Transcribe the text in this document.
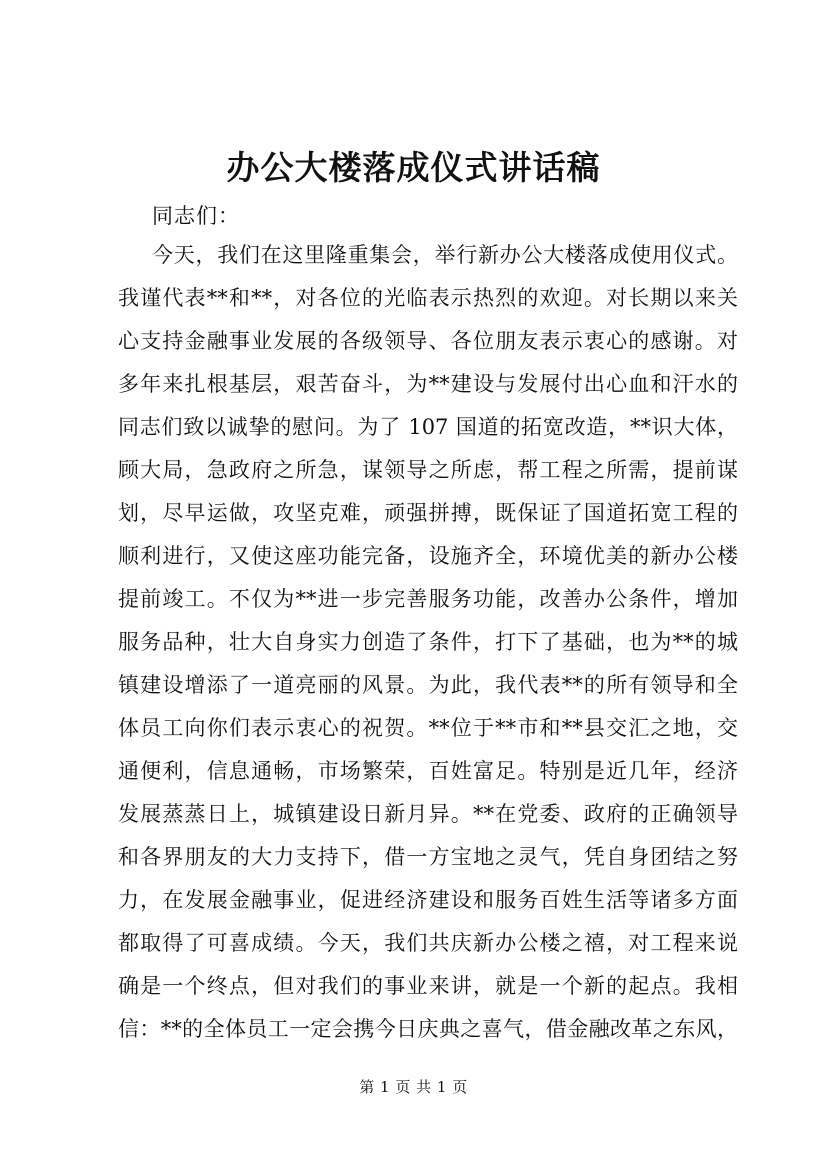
办公大楼落成仪式讲话稿
同志们：
今天，我们在这里隆重集会，举行新办公大楼落成使用仪式。
我谨代表**和**，对各位的光临表示热烈的欢迎。对长期以来关
心支持金融事业发展的各级领导、各位朋友表示衷心的感谢。对
多年来扎根基层，艰苦奋斗，为**建设与发展付出心血和汗水的
同志们致以诚挚的慰问。为了 107 国道的拓宽改造，**识大体，
顾大局，急政府之所急，谋领导之所虑，帮工程之所需，提前谋
划，尽早运做，攻坚克难，顽强拼搏，既保证了国道拓宽工程的
顺利进行，又使这座功能完备，设施齐全，环境优美的新办公楼
提前竣工。不仅为**进一步完善服务功能，改善办公条件，增加
服务品种，壮大自身实力创造了条件，打下了基础，也为**的城
镇建设增添了一道亮丽的风景。为此，我代表**的所有领导和全
体员工向你们表示衷心的祝贺。**位于**市和**县交汇之地，交
通便利，信息通畅，市场繁荣，百姓富足。特别是近几年，经济
发展蒸蒸日上，城镇建设日新月异。**在党委、政府的正确领导
和各界朋友的大力支持下，借一方宝地之灵气，凭自身团结之努
力，在发展金融事业，促进经济建设和服务百姓生活等诸多方面
都取得了可喜成绩。今天，我们共庆新办公楼之禧，对工程来说
确是一个终点，但对我们的事业来讲，就是一个新的起点。我相
信：**的全体员工一定会携今日庆典之喜气，借金融改革之东风，
第 1 页 共 1 页
